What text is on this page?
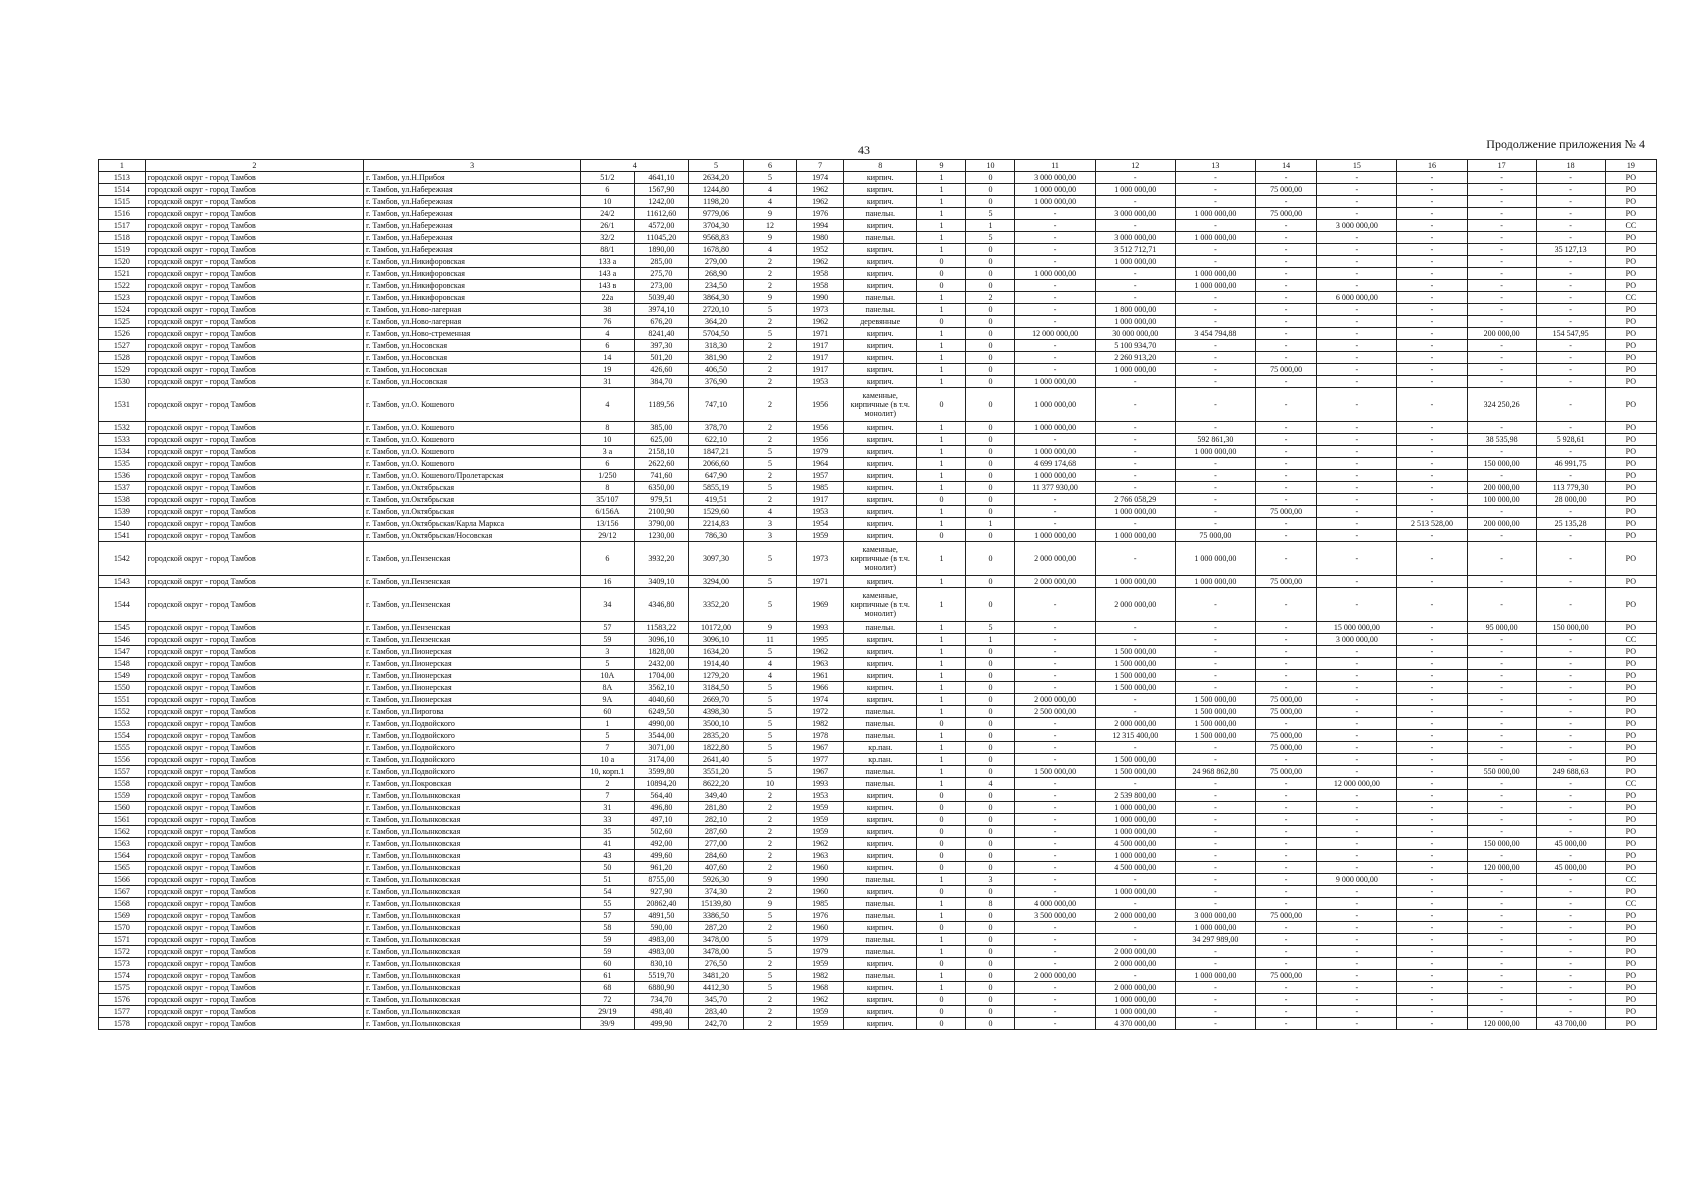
43	Продолжение приложения № 4
1	2	3	4		5	6	7	8	9	10	11	12	13	14	15	16	17	18	19
1513	городской округ - город Тамбов	г. Тамбов, ул.Н.Прибоя	51/2	4641,10	2634,20	5	1974	кирпич.	1	0	3 000 000,00	-	-	-	-	-	-	-	РО
1514	городской округ - город Тамбов	г. Тамбов, ул.Набережная	6	1567,90	1244,80	4	1962	кирпич.	1	0	1 000 000,00	1 000 000,00	-	75 000,00	-	-	-	-	РО
1515	городской округ - город Тамбов	г. Тамбов, ул.Набережная	10	1242,00	1198,20	4	1962	кирпич.	1	0	1 000 000,00	-	-	-	-	-	-	-	РО
1516	городской округ - город Тамбов	г. Тамбов, ул.Набережная	24/2	11612,60	9779,06	9	1976	панельн.	1	5	-	3 000 000,00	1 000 000,00	75 000,00	-	-	-	-	РО
1517	городской округ - город Тамбов	г. Тамбов, ул.Набережная	26/1	4572,00	3704,30	12	1994	кирпич.	1	1	-	-	-	-	3 000 000,00	-	-	-	СС
1518	городской округ - город Тамбов	г. Тамбов, ул.Набережная	32/2	11045,20	9568,83	9	1980	панельн.	1	5	-	3 000 000,00	1 000 000,00	-	-	-	-	-	РО
1519	городской округ - город Тамбов	г. Тамбов, ул.Набережная	88/1	1890,00	1678,80	4	1952	кирпич.	1	0	-	3 512 712,71	-	-	-	-	-	35 127,13	РО
1520	городской округ - город Тамбов	г. Тамбов, ул.Никифоровская	133 а	285,00	279,00	2	1962	кирпич.	0	0	-	1 000 000,00	-	-	-	-	-	-	РО
1521	городской округ - город Тамбов	г. Тамбов, ул.Никифоровская	143 а	275,70	268,90	2	1958	кирпич.	0	0	1 000 000,00	-	1 000 000,00	-	-	-	-	-	РО
1522	городской округ - город Тамбов	г. Тамбов, ул.Никифоровская	143 в	273,00	234,50	2	1958	кирпич.	0	0	-	-	1 000 000,00	-	-	-	-	-	РО
1523	городской округ - город Тамбов	г. Тамбов, ул.Никифоровская	22а	5039,40	3864,30	9	1990	панельн.	1	2	-	-	-	-	6 000 000,00	-	-	-	СС
1524	городской округ - город Тамбов	г. Тамбов, ул.Ново-лагерная	38	3974,10	2720,10	5	1973	панельн.	1	0	-	1 800 000,00	-	-	-	-	-	-	РО
1525	городской округ - город Тамбов	г. Тамбов, ул.Ново-лагерная	76	676,20	364,20	2	1962	деревянные	0	0	-	1 000 000,00	-	-	-	-	-	-	РО
1526	городской округ - город Тамбов	г. Тамбов, ул.Ново-стременная	4	8241,40	5704,50	5	1971	кирпич.	1	0	12 000 000,00	30 000 000,00	3 454 794,88	-	-	-	200 000,00	154 547,95	РО
1527	городской округ - город Тамбов	г. Тамбов, ул.Носовская	6	397,30	318,30	2	1917	кирпич.	1	0	-	5 100 934,70	-	-	-	-	-	-	РО
1528	городской округ - город Тамбов	г. Тамбов, ул.Носовская	14	501,20	381,90	2	1917	кирпич.	1	0	-	2 260 913,20	-	-	-	-	-	-	РО
1529	городской округ - город Тамбов	г. Тамбов, ул.Носовская	19	426,60	406,50	2	1917	кирпич.	1	0	-	1 000 000,00	-	75 000,00	-	-	-	-	РО
1530	городской округ - город Тамбов	г. Тамбов, ул.Носовская	31	384,70	376,90	2	1953	кирпич.	1	0	1 000 000,00	-	-	-	-	-	-	-	РО
1531	городской округ - город Тамбов	г. Тамбов, ул.О. Кошевого	4	1189,56	747,10	2	1956	каменные, кирпичные (в т.ч. монолит)	0	0	1 000 000,00	-	-	-	-	-	324 250,26	-	РО
1532	городской округ - город Тамбов	г. Тамбов, ул.О. Кошевого	8	385,00	378,70	2	1956	кирпич.	1	0	1 000 000,00	-	-	-	-	-	-	-	РО
1533	городской округ - город Тамбов	г. Тамбов, ул.О. Кошевого	10	625,00	622,10	2	1956	кирпич.	1	0	-	-	592 861,30	-	-	-	38 535,98	5 928,61	РО
1534	городской округ - город Тамбов	г. Тамбов, ул.О. Кошевого	3 а	2158,10	1847,21	5	1979	кирпич.	1	0	1 000 000,00	-	1 000 000,00	-	-	-	-	-	РО
1535	городской округ - город Тамбов	г. Тамбов, ул.О. Кошевого	6	2622,60	2066,60	5	1964	кирпич.	1	0	4 699 174,68	-	-	-	-	-	150 000,00	46 991,75	РО
1536	городской округ - город Тамбов	г. Тамбов, ул.О. Кошевого/Пролетарская	1/250	741,60	647,90	2	1957	кирпич.	1	0	1 000 000,00	-	-	-	-	-	-	-	РО
1537	городской округ - город Тамбов	г. Тамбов, ул.Октябрьская	8	6350,00	5855,19	5	1985	кирпич.	1	0	11 377 930,00	-	-	-	-	-	200 000,00	113 779,30	РО
1538	городской округ - город Тамбов	г. Тамбов, ул.Октябрьская	35/107	979,51	419,51	2	1917	кирпич.	0	0	-	2 766 058,29	-	-	-	-	100 000,00	28 000,00	РО
1539	городской округ - город Тамбов	г. Тамбов, ул.Октябрьская	6/156А	2100,90	1529,60	4	1953	кирпич.	1	0	-	1 000 000,00	-	75 000,00	-	-	-	-	РО
1540	городской округ - город Тамбов	г. Тамбов, ул.Октябрьская/Карла Маркса	13/156	3790,00	2214,83	3	1954	кирпич.	1	1	-	-	-	-	-	2 513 528,00	200 000,00	25 135,28	РО
1541	городской округ - город Тамбов	г. Тамбов, ул.Октябрьская/Носовская	29/12	1230,00	786,30	3	1959	кирпич.	0	0	1 000 000,00	1 000 000,00	75 000,00	-	-	-	-	-	РО
1542	городской округ - город Тамбов	г. Тамбов, ул.Пензенская	6	3932,20	3097,30	5	1973	каменные, кирпичные (в т.ч. монолит)	1	0	2 000 000,00	-	1 000 000,00	-	-	-	-	-	РО
1543	городской округ - город Тамбов	г. Тамбов, ул.Пензенская	16	3409,10	3294,00	5	1971	кирпич.	1	0	2 000 000,00	1 000 000,00	1 000 000,00	75 000,00	-	-	-	-	РО
1544	городской округ - город Тамбов	г. Тамбов, ул.Пензенская	34	4346,80	3352,20	5	1969	каменные, кирпичные (в т.ч. монолит)	1	0	-	2 000 000,00	-	-	-	-	-	-	РО
1545	городской округ - город Тамбов	г. Тамбов, ул.Пензенская	57	11583,22	10172,00	9	1993	панельн.	1	5	-	-	-	-	15 000 000,00	-	95 000,00	150 000,00	РО
1546	городской округ - город Тамбов	г. Тамбов, ул.Пензенская	59	3096,10	3096,10	11	1995	кирпич.	1	1	-	-	-	-	3 000 000,00	-	-	-	СС
1547	городской округ - город Тамбов	г. Тамбов, ул.Пионерская	3	1828,00	1634,20	5	1962	кирпич.	1	0	-	1 500 000,00	-	-	-	-	-	-	РО
1548	городской округ - город Тамбов	г. Тамбов, ул.Пионерская	5	2432,00	1914,40	4	1963	кирпич.	1	0	-	1 500 000,00	-	-	-	-	-	-	РО
1549	городской округ - город Тамбов	г. Тамбов, ул.Пионерская	10А	1704,00	1279,20	4	1961	кирпич.	1	0	-	1 500 000,00	-	-	-	-	-	-	РО
1550	городской округ - город Тамбов	г. Тамбов, ул.Пионерская	8А	3562,10	3184,50	5	1966	кирпич.	1	0	-	1 500 000,00	-	-	-	-	-	-	РО
1551	городской округ - город Тамбов	г. Тамбов, ул.Пионерская	9А	4040,60	2669,70	5	1974	кирпич.	1	0	2 000 000,00	-	1 500 000,00	75 000,00	-	-	-	-	РО
1552	городской округ - город Тамбов	г. Тамбов, ул.Пирогова	60	6249,50	4398,30	5	1972	панельн.	1	0	2 500 000,00	-	1 500 000,00	75 000,00	-	-	-	-	РО
1553	городской округ - город Тамбов	г. Тамбов, ул.Подвойского	1	4990,00	3500,10	5	1982	панельн.	0	0	-	2 000 000,00	1 500 000,00	-	-	-	-	-	РО
1554	городской округ - город Тамбов	г. Тамбов, ул.Подвойского	5	3544,00	2835,20	5	1978	панельн.	1	0	-	12 315 400,00	1 500 000,00	75 000,00	-	-	-	-	РО
1555	городской округ - город Тамбов	г. Тамбов, ул.Подвойского	7	3071,00	1822,80	5	1967	кр.пан.	1	0	-	-	-	75 000,00	-	-	-	-	РО
1556	городской округ - город Тамбов	г. Тамбов, ул.Подвойского	10 а	3174,00	2641,40	5	1977	кр.пан.	1	0	-	1 500 000,00	-	-	-	-	-	-	РО
1557	городской округ - город Тамбов	г. Тамбов, ул.Подвойского	10, корп.1	3599,80	3551,20	5	1967	панельн.	1	0	1 500 000,00	1 500 000,00	24 968 862,80	75 000,00	-	-	550 000,00	249 688,63	РО
1558	городской округ - город Тамбов	г. Тамбов, ул.Покровская	2	10894,20	8622,20	10	1993	панельн.	1	4	-	-	-	-	12 000 000,00	-	-	-	СС
1559	городской округ - город Тамбов	г. Тамбов, ул.Полынковская	7	564,40	349,40	2	1953	кирпич.	0	0	-	2 539 800,00	-	-	-	-	-	-	РО
1560	городской округ - город Тамбов	г. Тамбов, ул.Полынковская	31	496,80	281,80	2	1959	кирпич.	0	0	-	1 000 000,00	-	-	-	-	-	-	РО
1561	городской округ - город Тамбов	г. Тамбов, ул.Полынковская	33	497,10	282,10	2	1959	кирпич.	0	0	-	1 000 000,00	-	-	-	-	-	-	РО
1562	городской округ - город Тамбов	г. Тамбов, ул.Полынковская	35	502,60	287,60	2	1959	кирпич.	0	0	-	1 000 000,00	-	-	-	-	-	-	РО
1563	городской округ - город Тамбов	г. Тамбов, ул.Полынковская	41	492,00	277,00	2	1962	кирпич.	0	0	-	4 500 000,00	-	-	-	-	150 000,00	45 000,00	РО
1564	городской округ - город Тамбов	г. Тамбов, ул.Полынковская	43	499,60	284,60	2	1963	кирпич.	0	0	-	1 000 000,00	-	-	-	-	-	-	РО
1565	городской округ - город Тамбов	г. Тамбов, ул.Полынковская	50	961,20	407,60	2	1960	кирпич.	0	0	-	4 500 000,00	-	-	-	-	120 000,00	45 000,00	РО
1566	городской округ - город Тамбов	г. Тамбов, ул.Полынковская	51	8755,00	5926,30	9	1990	панельн.	1	3	-	-	-	-	9 000 000,00	-	-	-	СС
1567	городской округ - город Тамбов	г. Тамбов, ул.Полынковская	54	927,90	374,30	2	1960	кирпич.	0	0	-	1 000 000,00	-	-	-	-	-	-	РО
1568	городской округ - город Тамбов	г. Тамбов, ул.Полынковская	55	20862,40	15139,80	9	1985	панельн.	1	8	4 000 000,00	-	-	-	-	-	-	-	СС
1569	городской округ - город Тамбов	г. Тамбов, ул.Полынковская	57	4891,50	3386,50	5	1976	панельн.	1	0	3 500 000,00	2 000 000,00	3 000 000,00	75 000,00	-	-	-	-	РО
1570	городской округ - город Тамбов	г. Тамбов, ул.Полынковская	58	590,00	287,20	2	1960	кирпич.	0	0	-	-	1 000 000,00	-	-	-	-	-	РО
1571	городской округ - город Тамбов	г. Тамбов, ул.Полынковская	59	4983,00	3478,00	5	1979	панельн.	1	0	-	-	34 297 989,00	-	-	-	-	-	РО
1572	городской округ - город Тамбов	г. Тамбов, ул.Полынковская	59	4983,00	3478,00	5	1979	панельн.	1	0	-	2 000 000,00	-	-	-	-	-	-	РО
1573	городской округ - город Тамбов	г. Тамбов, ул.Полынковская	60	830,10	276,50	2	1959	кирпич.	0	0	-	2 000 000,00	-	-	-	-	-	-	РО
1574	городской округ - город Тамбов	г. Тамбов, ул.Полынковская	61	5519,70	3481,20	5	1982	панельн.	1	0	2 000 000,00	-	1 000 000,00	75 000,00	-	-	-	-	РО
1575	городской округ - город Тамбов	г. Тамбов, ул.Полынковская	68	6880,90	4412,30	5	1968	кирпич.	1	0	-	2 000 000,00	-	-	-	-	-	-	РО
1576	городской округ - город Тамбов	г. Тамбов, ул.Полынковская	72	734,70	345,70	2	1962	кирпич.	0	0	-	1 000 000,00	-	-	-	-	-	-	РО
1577	городской округ - город Тамбов	г. Тамбов, ул.Полынковская	29/19	498,40	283,40	2	1959	кирпич.	0	0	-	1 000 000,00	-	-	-	-	-	-	РО
1578	городской округ - город Тамбов	г. Тамбов, ул.Полынковская	39/9	499,90	242,70	2	1959	кирпич.	0	0	-	4 370 000,00	-	-	-	-	120 000,00	43 700,00	РО
